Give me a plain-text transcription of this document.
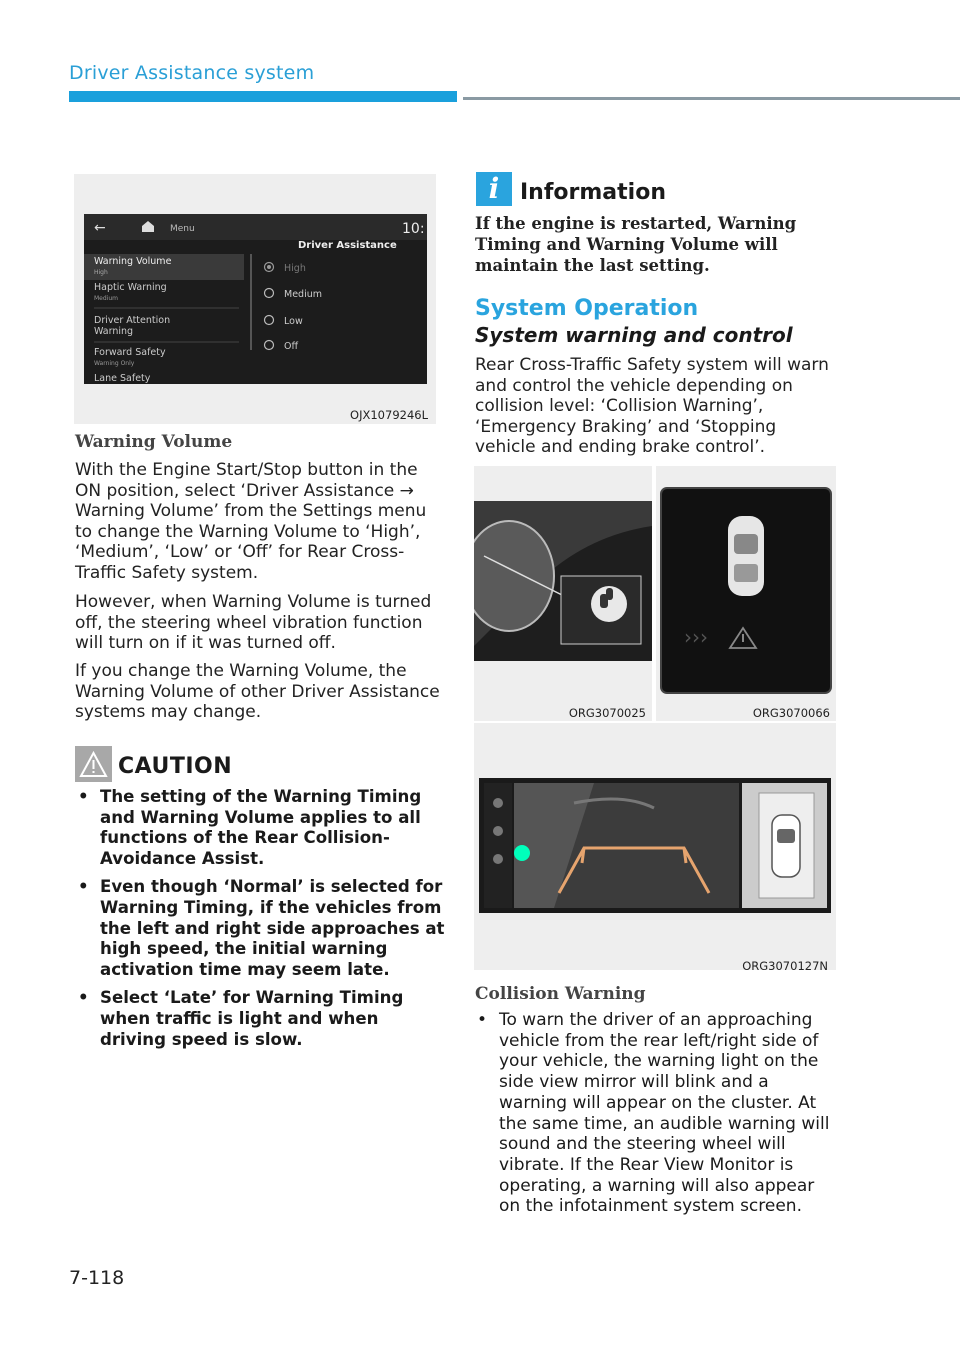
Driver Assistance system
←	Menu	10:
Driver Assistance
Warning Volume
High
Haptic Warning
Medium
Driver Attention
Warning
Forward Safety
Warning Only
Lane Safety
High
Medium
Low
Off
OJX1079246L
Warning Volume
With the Engine Start/Stop button in the ON position, select ‘Driver Assistance → Warning Volume’ from the Settings menu to change the Warning Volume to ‘High’, ‘Medium’, ‘Low’ or ‘Off’ for Rear Cross-Traffic Safety system.
However, when Warning Volume is turned off, the steering wheel vibration function will turn on if it was turned off.
If you change the Warning Volume, the Warning Volume of other Driver Assistance systems may change.
CAUTION
• The setting of the Warning Timing and Warning Volume applies to all functions of the Rear Collision-Avoidance Assist.
• Even though ‘Normal’ is selected for Warning Timing, if the vehicles from the left and right side approaches at high speed, the initial warning activation time may seem late.
• Select ‘Late’ for Warning Timing when traffic is light and when driving speed is slow.
i Information
If the engine is restarted, Warning Timing and Warning Volume will maintain the last setting.
System Operation
System warning and control
Rear Cross-Traffic Safety system will warn and control the vehicle depending on collision level: ‘Collision Warning’, ‘Emergency Braking’ and ‘Stopping vehicle and ending brake control’.
ORG3070025
›››
ORG3070066
ORG3070127N
Collision Warning
• To warn the driver of an approaching vehicle from the rear left/right side of your vehicle, the warning light on the side view mirror will blink and a warning will appear on the cluster. At the same time, an audible warning will sound and the steering wheel will vibrate. If the Rear View Monitor is operating, a warning will also appear on the infotainment system screen.
7-118
